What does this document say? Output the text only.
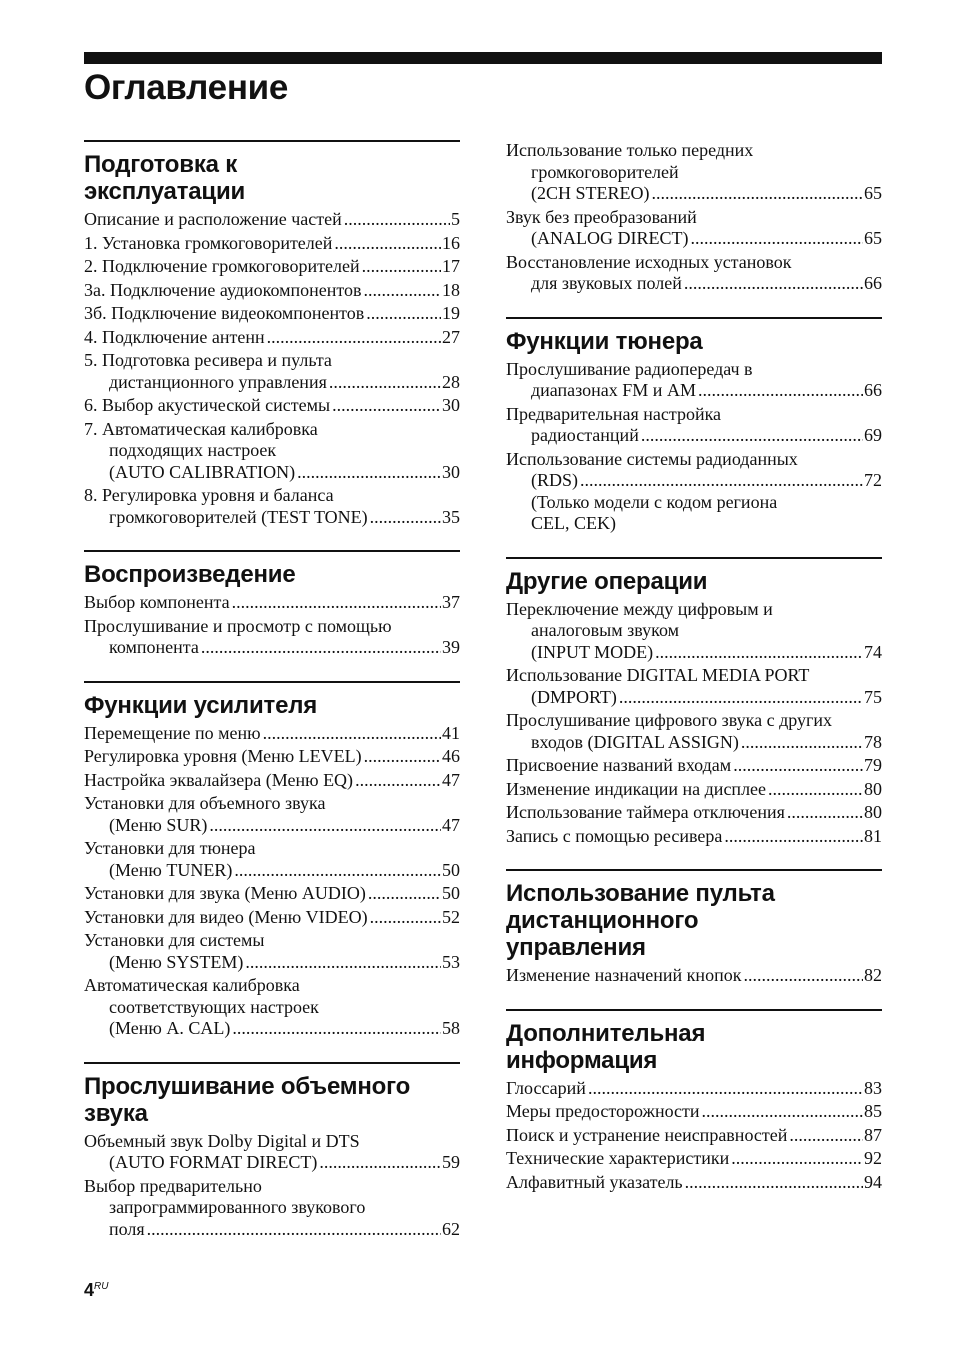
Оглавление
Подготовка к
эксплуатации
Описание и расположение частей .....	5
1. Установка громкоговорителей .....	16
2. Подключение громкоговорителей .....	17
3а. Подключение аудиокомпонентов .....	18
3б. Подключение видеокомпонентов .....	19
4. Подключение антенн .....	27
5. Подготовка ресивера и пульта
дистанционного управления .....	28
6. Выбор акустической системы .....	30
7. Автоматическая калибровка
подходящих настроек
(AUTO CALIBRATION) .....	30
8. Регулировка уровня и баланса
громкоговорителей (TEST TONE) .....	35
Воспроизведение
Выбор компонента .....	37
Прослушивание и просмотр с помощью
компонента .....	39
Функции усилителя
Перемещение по меню .....	41
Регулировка уровня (Меню LEVEL) .....	46
Настройка эквалайзера (Меню EQ) .....	47
Установки для объемного звука
(Меню SUR) .....	47
Установки для тюнера
(Меню TUNER) .....	50
Установки для звука (Меню AUDIO) .....	50
Установки для видео (Меню VIDEO) .....	52
Установки для системы
(Меню SYSTEM) .....	53
Автоматическая калибровка
соответствующих настроек
(Меню A. CAL) .....	58
Прослушивание объемного
звука
Объемный звук Dolby Digital и DTS
(AUTO FORMAT DIRECT) .....	59
Выбор предварительно
запрограммированного звукового
поля .....	62
Использование только передних
громкоговорителей
(2CH STEREO) .....	65
Звук без преобразований
(ANALOG DIRECT) .....	65
Восстановление исходных установок
для звуковых полей .....	66
Функции тюнера
Прослушивание радиопередач в
диапазонах FM и AM .....	66
Предварительная настройка
радиостанций .....	69
Использование системы радиоданных
(RDS) .....	72
(Только модели с кодом региона
CEL, CEK)
Другие операции
Переключение между цифровым и
аналоговым звуком
(INPUT MODE) .....	74
Использование DIGITAL MEDIA PORT
(DMPORT) .....	75
Прослушивание цифрового звука с других
входов (DIGITAL ASSIGN) .....	78
Присвоение названий входам .....	79
Изменение индикации на дисплее .....	80
Использование таймера отключения .....	80
Запись с помощью ресивера .....	81
Использование пульта
дистанционного
управления
Изменение назначений кнопок .....	82
Дополнительная
информация
Глоссарий .....	83
Меры предосторожности .....	85
Поиск и устранение неисправностей .....	87
Технические характеристики .....	92
Алфавитный указатель .....	94
$4^{RU}$
